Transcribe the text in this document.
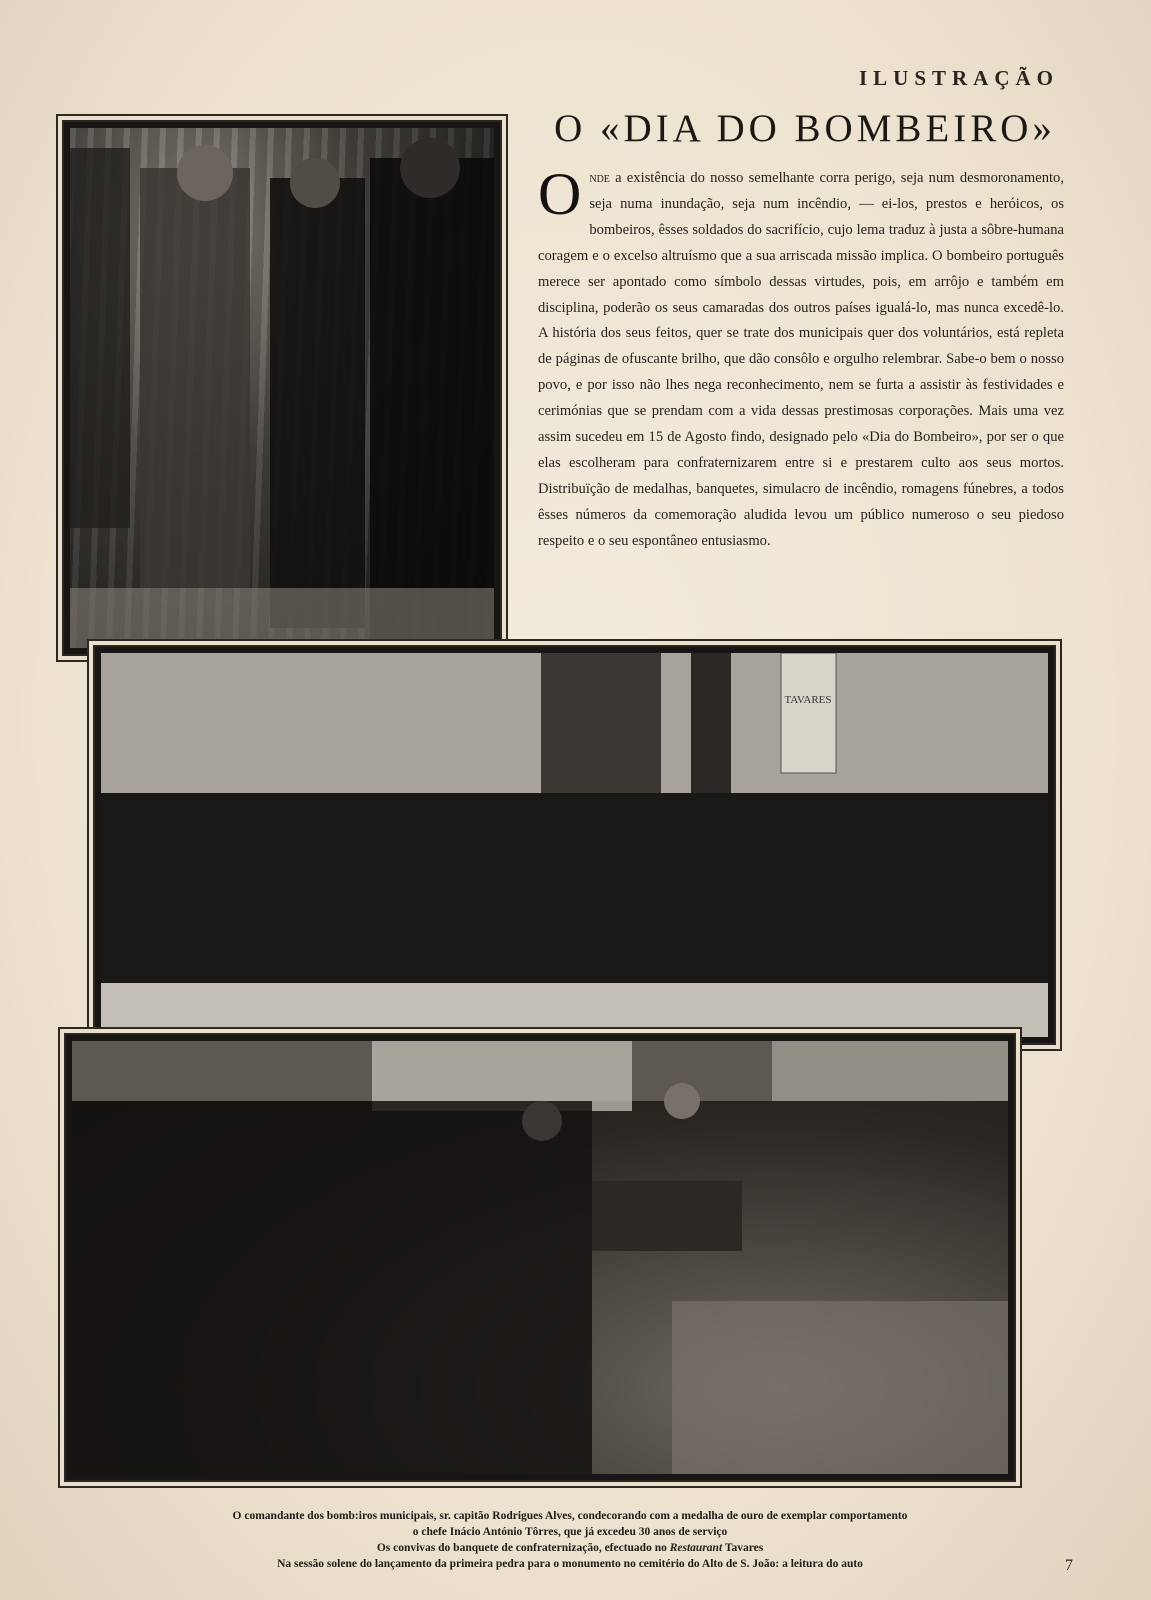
ILUSTRAÇÃO
O «DIA DO BOMBEIRO»
Onde a existência do nosso semelhante corra perigo, seja num desmoronamento, seja numa inundação, seja num incêndio, — ei-los, prestos e heróicos, os bombeiros, êsses soldados do sacrifício, cujo lema traduz à justa a sôbre-humana coragem e o excelso altruísmo que a sua arriscada missão implica. O bombeiro português merece ser apontado como símbolo dessas virtudes, pois, em arrôjo e também em disciplina, poderão os seus camaradas dos outros países igualá-lo, mas nunca excedê-lo. A história dos seus feitos, quer se trate dos municipais quer dos voluntários, está repleta de páginas de ofuscante brilho, que dão consôlo e orgulho relembrar. Sabe-o bem o nosso povo, e por isso não lhes nega reconhecimento, nem se furta a assistir às festividades e cerimónias que se prendam com a vida dessas prestimosas corporações. Mais uma vez assim sucedeu em 15 de Agosto findo, designado pelo «Dia do Bombeiro», por ser o que elas escolheram para confraternizarem entre si e prestarem culto aos seus mortos. Distribuïção de medalhas, banquetes, simulacro de incêndio, romagens fúnebres, a todos êsses números da comemoração aludida levou um público numeroso o seu piedoso respeito e o seu espontâneo entusiasmo.
TAVARES
O comandante dos bomb:iros municipais, sr. capitão Rodrigues Alves, condecorando com a medalha de ouro de exemplar comportamento
o chefe Inácio António Tôrres, que já excedeu 30 anos de serviço
Os convivas do banquete de confraternização, efectuado no Restaurant Tavares
Na sessão solene do lançamento da primeira pedra para o monumento no cemitério do Alto de S. João: a leitura do auto	7
